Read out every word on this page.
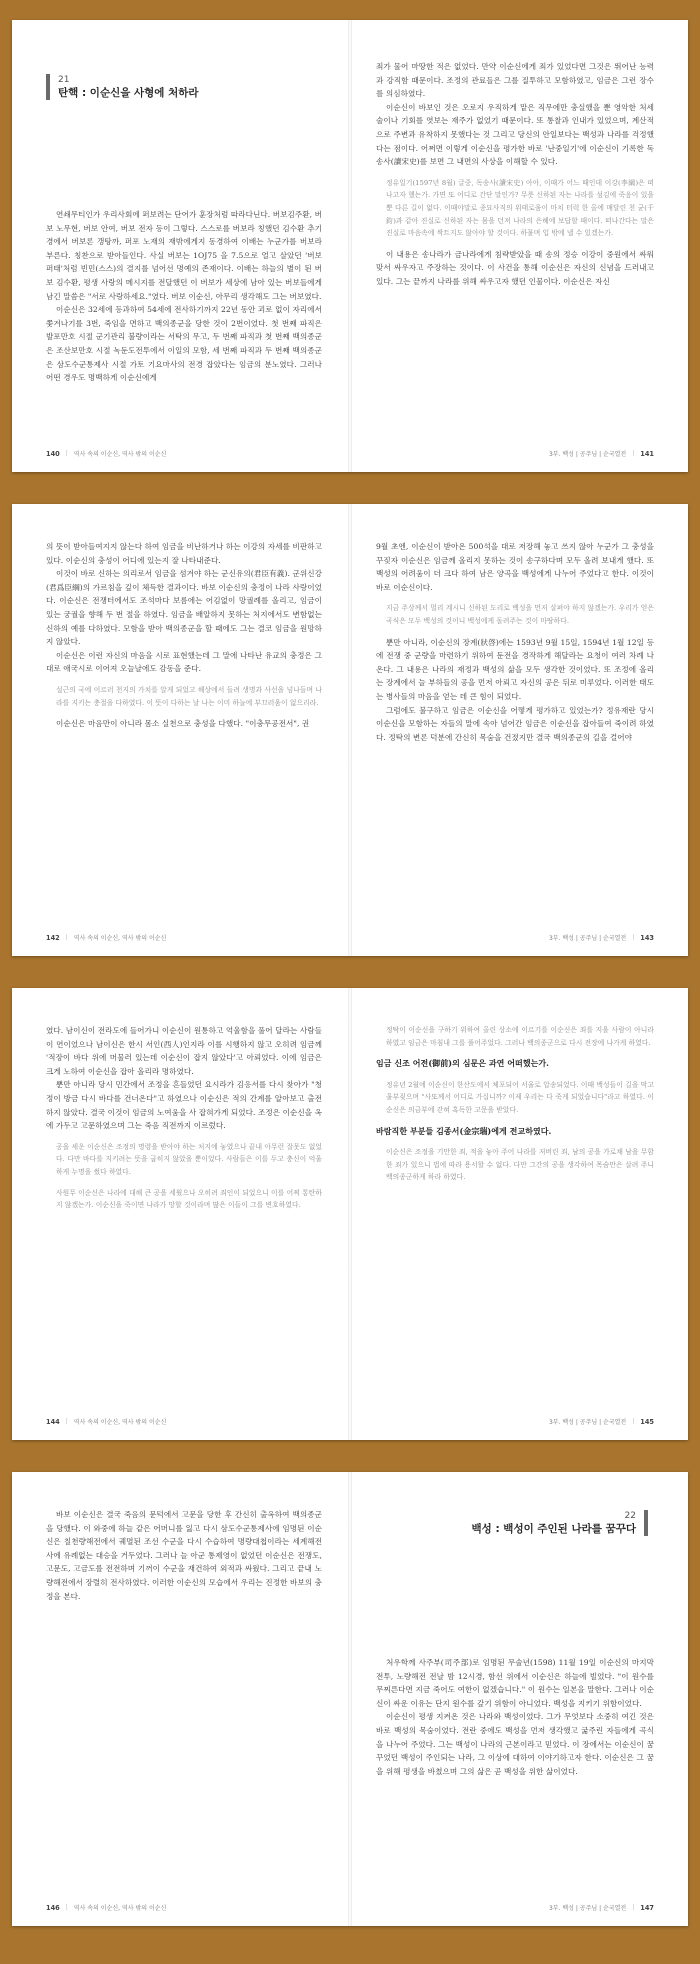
21
탄핵 : 이순신을 사형에 처하라

연쇄무티인가 우리사회에 퍼보려는 단어가 훈장처럼 따라다닌다. 버보김주환, 버보 노무현, 버보 안여, 버보 전자 등이 그렇다. 스스로를 버보라 칭했던 김수환 추기경에서 버보론 갱탕까, 퍼포 노재의 재밖에게지 동경하여 이배는 누군가를 버보라 부른다. 칭찬으로 받아들인다. 사실 버보는 1OJ75 을 7.5으로 얼고 살았던 '버보 퍼태'처럼 빈민(스스)의 결지를 넘어선 명예의 존재이다. 이배는 하늘의 별이 된 버보 김수환, 평생 사랑의 메시지를 전달했던 이 버보가 세상에 남아 있는 버보들에게 남긴 말씀은 "서로 사랑하세요."였다. 버보 이순신, 아무리 생각해도 그는 버보였다.

이순신은 32세에 등과하여 54세에 전사하기까지 22년 동안 괴로 없이 자리에서 쫓겨나기를 3번, 죽임을 면하고 백의종군을 당한 것이 2번이었다. 첫 번째 파직은 발포만호 시절 군기관리 불량이라는 서탁의 무고, 두 번째 파직과 첫 번째 백의종군은 조산보만호 시절 녹둔도전투에서 이일의 모함, 세 번째 파직과 두 번째 백의종군은 삼도수군통제사 시절 가토 기요마사의 전경 잡았다는 임금의 분노였다. 그러나 어떤 경우도 명백하게 이순신에게

140 | 역사 속의 이순신, 역사 밖의 이순신

죄가 물어 마땅한 적은 없었다. 만약 이순신에게 죄가 있었다면 그것은 뛰어난 능력과 강직함 때문이다. 조정의 관료들은 그를 질투하고 모함하였고, 임금은 그런 장수를 의심하였다.

이순신이 바보인 것은 오로지 우직하게 맡은 직무에만 충실했을 뿐 영악한 처세술이나 기회를 엿보는 재주가 없었기 때문이다. 또 통찰과 인내가 있었으며, 계산적으로 주변과 유착하지 못했다는 것 그리고 당신의 안일보다는 백성과 나라를 걱정했다는 점이다. 어쩌면 이렇게 이순신을 평가한 바로 '난중일기'에 이순신이 기록한 독송사(讀宋史)를 보면 그 내면의 사상을 이해할 수 있다.

정유일기(1597년 8월) 글중, 독송사(讀宋史) 아아, 이때가 어느 때인데 이강(李綱)은 떠나고자 했는가. 가면 또 어디로 간단 말인가? 무릇 신하된 자는 나라를 섬김에 죽음이 있을 뿐 다른 길이 없다. 이때야말로 종묘사직의 위태로움이 마치 터럭 한 올에 매달린 천 균(千鈞)과 같아 진실로 신하된 자는 몸을 던져 나라의 은혜에 보답할 때이다. 떠나간다는 말은 진실로 마음속에 싹트지도 않아야 할 것이다. 하물며 입 밖에 낼 수 있겠는가.

이 내용은 송나라가 금나라에게 침략받았을 때 송의 정승 이강이 중원에서 싸워 맞서 싸우자고 주장하는 것이다. 이 사건을 통해 이순신은 자신의 신념을 드러내고 있다. 그는 끝까지 나라를 위해 싸우고자 했던 인물이다. 이순신은 자신

3부. 백성 | 공주님 | 순국열전 | 141

의 뜻이 받아들여지지 않는다 하여 임금을 비난하거나 하는 이강의 자세를 비판하고 있다. 이순신의 충성이 어디에 있는지 잘 나타내준다.

이것이 바로 신하는 의리로서 임금을 섬겨야 하는 군신유의(君臣有義). 군위신강(君爲臣綱)의 가르침을 깊이 체득한 결과이다. 바보 이순신의 충정이 나라 사랑이었다. 이순신은 전쟁터에서도 조석마다 보름에는 어김없이 망궐례를 올리고, 임금이 있는 궁궐을 향해 두 번 절을 하였다. 임금을 배알하지 못하는 처지에서도 변함없는 신하의 예를 다하였다. 모함을 받아 백의종군을 할 때에도 그는 결코 임금을 원망하지 않았다.

이순신은 이런 자신의 마음을 시로 표현했는데 그 말에 나타난 유교의 충정은 그대로 애국시로 이어져 오늘날에도 감동을 준다.

설근의 국에 이르러 천지의 가치를 알게 되었고 해상에서 들려 생명과 사선을 넘나들며 나라를 지키는 충절을 다하였다. 이 뜻이 다하는 날 나는 이미 하늘에 부끄러움이 없으리라.

이순신은 마음만이 아니라 몸소 실천으로 충성을 다했다. "이충무공전서", 권

142 | 역사 속의 이순신, 역사 밖의 이순신

9월 초엔, 이순신이 받아온 500석을 대로 저장해 놓고 쓰지 않아 누군가 그 충성을 꾸짖자 이순신은 임금께 올리지 못하는 것이 송구하다며 모두 올려 보내게 했다. 또 백성의 어려움이 더 크다 하여 남은 양곡을 백성에게 나누어 주었다고 한다. 이것이 바로 이순신이다.

지금 주상께서 멀리 계시니 신하된 도리로 백성을 먼저 살펴야 하지 않겠는가. 우리가 얻은 곡식은 모두 백성의 것이니 백성에게 돌려주는 것이 마땅하다.

뿐만 아니라, 이순신의 장계(狀啓)에는 1593년 9월 15일, 1594년 1월 12일 등에 전쟁 중 군량을 마련하기 위하여 둔전을 경작하게 해달라는 요청이 여러 차례 나온다. 그 내용은 나라의 재정과 백성의 삶을 모두 생각한 것이었다. 또 조정에 올리는 장계에서 늘 부하들의 공을 먼저 아뢰고 자신의 공은 뒤로 미루었다. 이러한 태도는 병사들의 마음을 얻는 데 큰 힘이 되었다.

그럼에도 불구하고 임금은 이순신을 어떻게 평가하고 있었는가? 정유재란 당시 이순신을 모함하는 자들의 말에 속아 넘어간 임금은 이순신을 잡아들여 죽이려 하였다. 정탁의 변론 덕분에 간신히 목숨을 건졌지만 결국 백의종군의 길을 걸어야

3부. 백성 | 공주님 | 순국열전 | 143

였다. 남이신이 전라도에 들어가니 이순신이 원통하고 억울함을 풀어 달라는 사람들이 연이었으나 남이신은 한시 서인(西人)인지라 이를 시행하지 않고 오히려 임금께 '적장이 바다 위에 머물러 있는데 이순신이 잡지 않았다'고 아뢰었다. 이에 임금은 크게 노하여 이순신을 잡아 올리라 명하였다.

뿐만 아니라 당시 민간에서 조정을 흔들었던 요시라가 김응서를 다시 찾아가 "청정이 방금 다시 바다를 건너온다"고 하였으나 이순신은 적의 간계를 알아보고 출전하지 않았다. 결국 이것이 임금의 노여움을 사 잡혀가게 되었다. 조정은 이순신을 옥에 가두고 고문하였으며 그는 죽음 직전까지 이르렀다.

공을 세운 이순신은 조정의 명령을 받아야 하는 처지에 놓였으나 끝내 아무런 잘못도 없었다. 다만 바다를 지키려는 뜻을 굽히지 않았을 뿐이었다. 사람들은 이를 두고 충신이 억울하게 누명을 썼다 하였다.
사원무 이순신은 나라에 대해 큰 공을 세웠으나 오히려 죄인이 되었으니 이를 어찌 통탄하지 않겠는가. 이순신을 죽이면 나라가 망할 것이라며 많은 이들이 그를 변호하였다.
144 | 역사 속의 이순신, 역사 밖의 이순신
정탁이 이순신을 구하기 위하여 올린 상소에 이르기를 이순신은 죄를 지을 사람이 아니라 하였고 임금은 마침내 그를 풀어주었다. 그러나 백의종군으로 다시 전장에 나가게 하였다.

임금 신조 어전(御前)의 심문은 과연 어떠했는가.

정유년 2월에 이순신이 한산도에서 체포되어 서울로 압송되었다. 이때 백성들이 길을 막고 울부짖으며 "사또께서 어디로 가십니까? 이제 우리는 다 죽게 되었습니다"라고 하였다. 이순신은 의금부에 갇혀 혹독한 고문을 받았다.

바람직한 부분들 김종서(金宗瑞)에게 전교하였다.

이순신은 조정을 기만한 죄, 적을 놓아 주어 나라를 저버린 죄, 남의 공을 가로채 남을 무함한 죄가 있으니 법에 따라 용서할 수 없다. 다만 그간의 공을 생각하여 목숨만은 살려 주니 백의종군하게 하라 하였다.
3부. 백성 | 공주님 | 순국열전 | 145

바보 이순신은 결국 죽음의 문턱에서 고문을 당한 후 간신히 출옥하여 백의종군을 당했다. 이 와중에 하늘 같은 어머니를 잃고 다시 삼도수군통제사에 임명된 이순신은 칠천량해전에서 궤멸된 조선 수군을 다시 수습하여 명량대첩이라는 세계해전사에 유례없는 대승을 거두었다. 그러나 늘 아군 통제영이 없었던 이순신은 전쟁도, 고문도, 고금도를 전전하며 기꺼이 수군을 재건하여 외적과 싸웠다. 그리고 끝내 노량해전에서 장렬히 전사하였다. 이러한 이순신의 모습에서 우리는 진정한 바보의 충정을 본다.

146 | 역사 속의 이순신, 역사 밖의 이순신
22
백성 : 백성이 주인된 나라를 꿈꾸다

처우학께 사주부(司주部)로 임명된 무술년(1598) 11월 19일 이순신의 마지막 전투, 노량해전 전날 밤 12시경, 함선 위에서 이순신은 하늘에 빌었다. "이 원수를 무찌른다면 지금 죽어도 여한이 없겠습니다." 이 원수는 일본을 말한다. 그러나 이순신이 싸운 이유는 단지 원수를 갚기 위함이 아니었다. 백성을 지키기 위함이었다.

이순신이 평생 지켜온 것은 나라와 백성이었다. 그가 무엇보다 소중히 여긴 것은 바로 백성의 목숨이었다. 전란 중에도 백성을 먼저 생각했고 굶주린 자들에게 곡식을 나누어 주었다. 그는 백성이 나라의 근본이라고 믿었다. 이 장에서는 이순신이 꿈꾸었던 백성이 주인되는 나라, 그 이상에 대하여 이야기하고자 한다. 이순신은 그 꿈을 위해 평생을 바쳤으며 그의 삶은 곧 백성을 위한 삶이었다.

3부. 백성 | 공주님 | 순국열전 | 147
